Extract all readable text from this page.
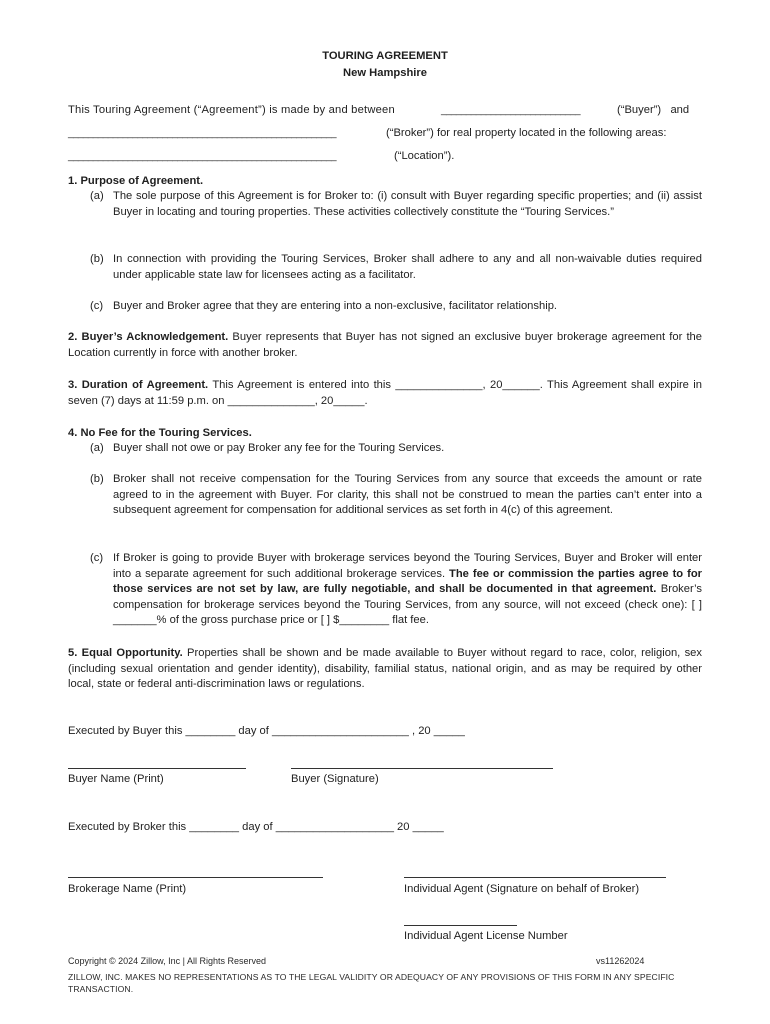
TOURING AGREEMENT
New Hampshire
This Touring Agreement (“Agreement”) is made by and between	____________________________	(“Buyer”)   and
______________________________________________________	(“Broker”) for real property located in the following areas:
______________________________________________________	(“Location”).
1. Purpose of Agreement.
(a) The sole purpose of this Agreement is for Broker to: (i) consult with Buyer regarding specific properties; and (ii) assist Buyer in locating and touring properties. These activities collectively constitute the “Touring Services.”
(b) In connection with providing the Touring Services, Broker shall adhere to any and all non-waivable duties required under applicable state law for licensees acting as a facilitator.
(c) Buyer and Broker agree that they are entering into a non-exclusive, facilitator relationship.
2. Buyer’s Acknowledgement. Buyer represents that Buyer has not signed an exclusive buyer brokerage agreement for the Location currently in force with another broker.
3. Duration of Agreement. This Agreement is entered into this ______________, 20______. This Agreement shall expire in seven (7) days at 11:59 p.m. on ______________, 20_____.
4. No Fee for the Touring Services.
(a) Buyer shall not owe or pay Broker any fee for the Touring Services.
(b) Broker shall not receive compensation for the Touring Services from any source that exceeds the amount or rate agreed to in the agreement with Buyer. For clarity, this shall not be construed to mean the parties can’t enter into a subsequent agreement for compensation for additional services as set forth in 4(c) of this agreement.
(c) If Broker is going to provide Buyer with brokerage services beyond the Touring Services, Buyer and Broker will enter into a separate agreement for such additional brokerage services. The fee or commission the parties agree to for those services are not set by law, are fully negotiable, and shall be documented in that agreement. Broker’s compensation for brokerage services beyond the Touring Services, from any source, will not exceed (check one): [ ] _______% of the gross purchase price or [ ] $________ flat fee.
5. Equal Opportunity. Properties shall be shown and be made available to Buyer without regard to race, color, religion, sex (including sexual orientation and gender identity), disability, familial status, national origin, and as may be required by other local, state or federal anti-discrimination laws or regulations.
Executed by Buyer this ________ day of ______________________ , 20 _____
Buyer Name (Print)	Buyer (Signature)
Executed by Broker this ________ day of ___________________ 20 _____
Brokerage Name (Print)	Individual Agent (Signature on behalf of Broker)
Individual Agent License Number
Copyright © 2024 Zillow, Inc | All Rights Reserved	vs11262024
ZILLOW, INC. MAKES NO REPRESENTATIONS AS TO THE LEGAL VALIDITY OR ADEQUACY OF ANY PROVISIONS OF THIS FORM IN ANY SPECIFIC TRANSACTION.
